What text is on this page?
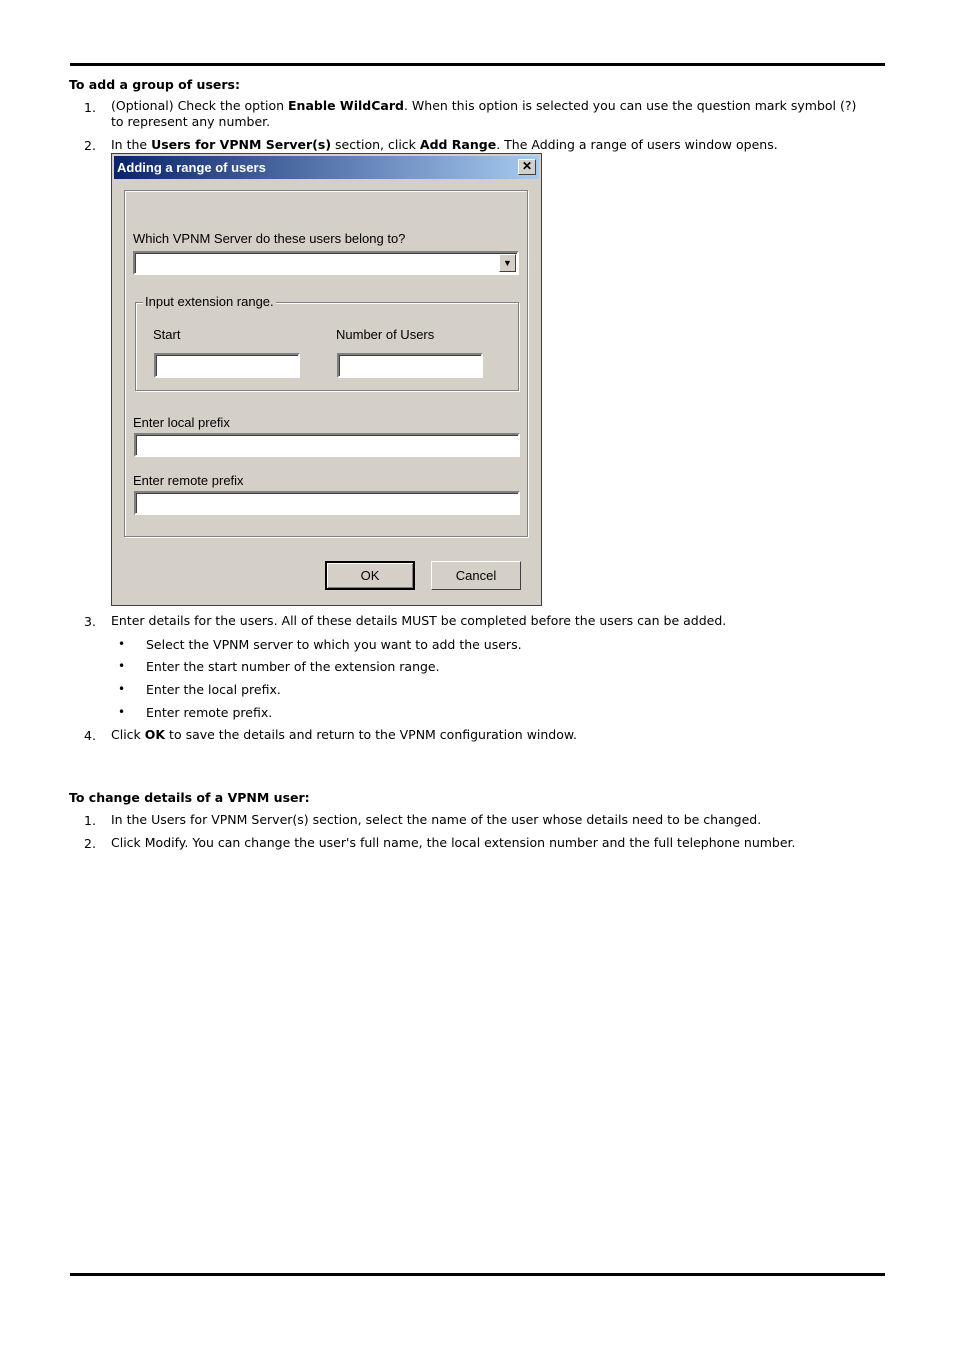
To add a group of users:
1. (Optional) Check the option Enable WildCard. When this option is selected you can use the question mark symbol (?) to represent any number.
2. In the Users for VPNM Server(s) section, click Add Range. The Adding a range of users window opens.
Adding a range of users	✕
Which VPNM Server do these users belong to?
▼
Input extension range.
Start	Number of Users
Enter local prefix
Enter remote prefix
OK	Cancel
3. Enter details for the users. All of these details MUST be completed before the users can be added.
• Select the VPNM server to which you want to add the users.
• Enter the start number of the extension range.
• Enter the local prefix.
• Enter remote prefix.
4. Click OK to save the details and return to the VPNM configuration window.
To change details of a VPNM user:
1. In the Users for VPNM Server(s) section, select the name of the user whose details need to be changed.
2. Click Modify. You can change the user's full name, the local extension number and the full telephone number.
